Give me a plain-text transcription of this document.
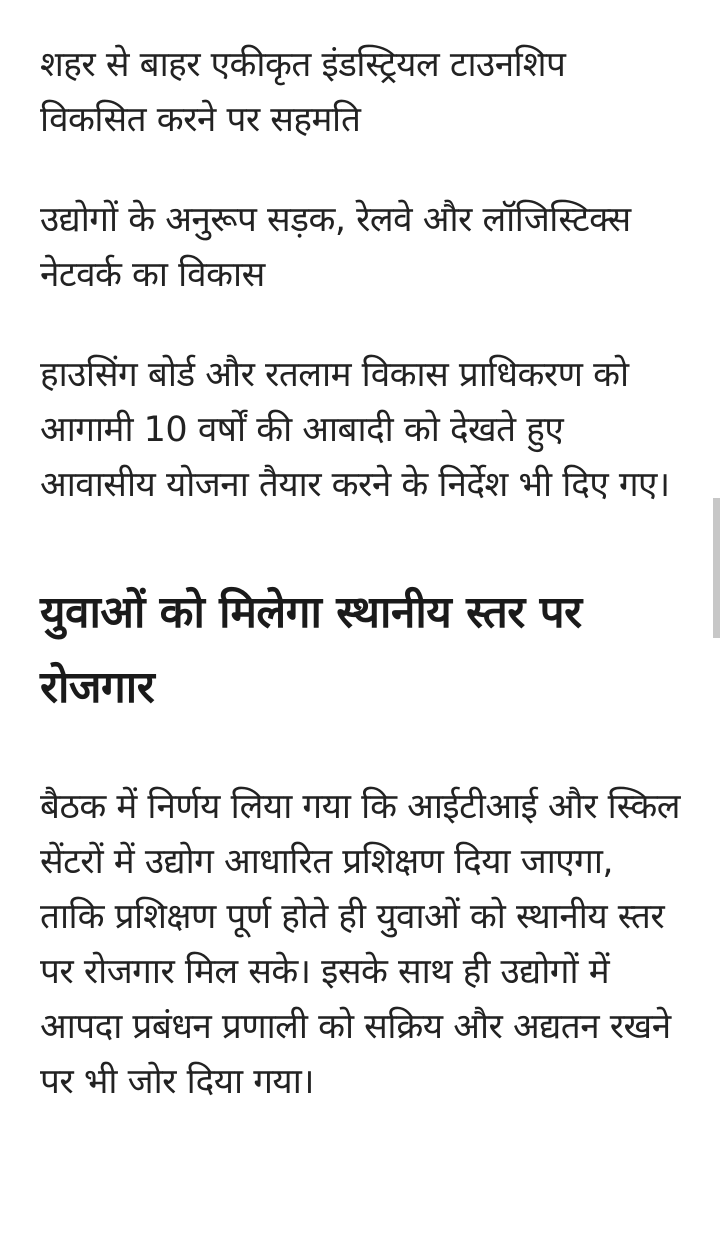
शहर से बाहर एकीकृत इंडस्ट्रियल टाउनशिप विकसित करने पर सहमति

उद्योगों के अनुरूप सड़क, रेलवे और लॉजिस्टिक्स नेटवर्क का विकास

हाउसिंग बोर्ड और रतलाम विकास प्राधिकरण को आगामी 10 वर्षों की आबादी को देखते हुए आवासीय योजना तैयार करने के निर्देश भी दिए गए।

युवाओं को मिलेगा स्थानीय स्तर पर रोजगार

बैठक में निर्णय लिया गया कि आईटीआई और स्किल सेंटरों में उद्योग आधारित प्रशिक्षण दिया जाएगा, ताकि प्रशिक्षण पूर्ण होते ही युवाओं को स्थानीय स्तर पर रोजगार मिल सके। इसके साथ ही उद्योगों में आपदा प्रबंधन प्रणाली को सक्रिय और अद्यतन रखने पर भी जोर दिया गया।
